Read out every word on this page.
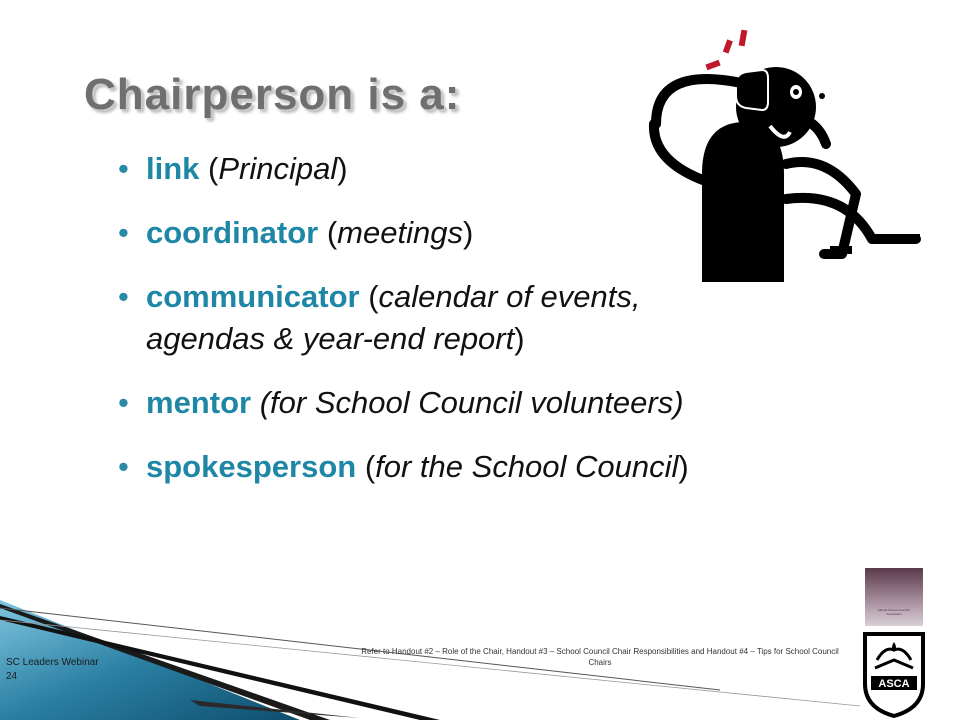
Chairperson is a:
• link (Principal)
• coordinator (meetings)
• communicator (calendar of events, agendas & year-end report)
• mentor (for School Council volunteers)
• spokesperson (for the School Council)
SC Leaders Webinar
24
Refer to Handout #2 – Role of the Chair, Handout #3 – School Council Chair Responsibilities and Handout #4 – Tips for School Council Chairs
Alberta School Councils' Association
ASCA
